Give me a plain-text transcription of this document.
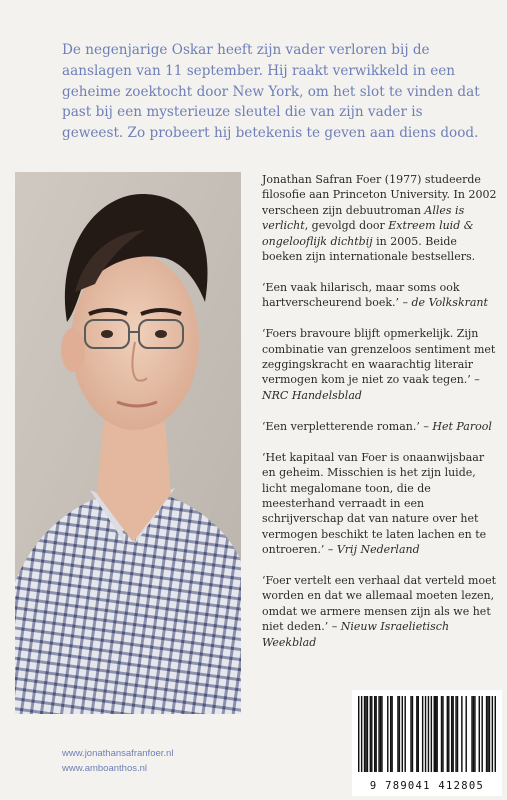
De negenjarige Oskar heeft zijn vader verloren bij de aanslagen van 11 september. Hij raakt verwikkeld in een geheime zoektocht door New York, om het slot te vinden dat past bij een mysterieuze sleutel die van zijn vader is geweest. Zo probeert hij betekenis te geven aan diens dood.

Jonathan Safran Foer (1977) studeerde filosofie aan Princeton University. In 2002 verscheen zijn debuutroman Alles is verlicht, gevolgd door Extreem luid & ongelooflijk dichtbij in 2005. Beide boeken zijn internationale bestsellers.

‘Een vaak hilarisch, maar soms ook hartverscheurend boek.’ – de Volkskrant

‘Foers bravoure blijft opmerkelijk. Zijn combinatie van grenzeloos sentiment met zeggingskracht en waarachtig literair vermogen kom je niet zo vaak tegen.’ – NRC Handelsblad

‘Een verpletterende roman.’ – Het Parool

‘Het kapitaal van Foer is onaanwijsbaar en geheim. Misschien is het zijn luide, licht megalomane toon, die de meesterhand verraadt in een schrijverschap dat van nature over het vermogen beschikt te laten lachen en te ontroeren.’ – Vrij Nederland

‘Foer vertelt een verhaal dat verteld moet worden en dat we allemaal moeten lezen, omdat we armere mensen zijn als we het niet deden.’ – Nieuw Israelietisch Weekblad

www.jonathansafranfoer.nl
www.amboanthos.nl
9 789041 412805
